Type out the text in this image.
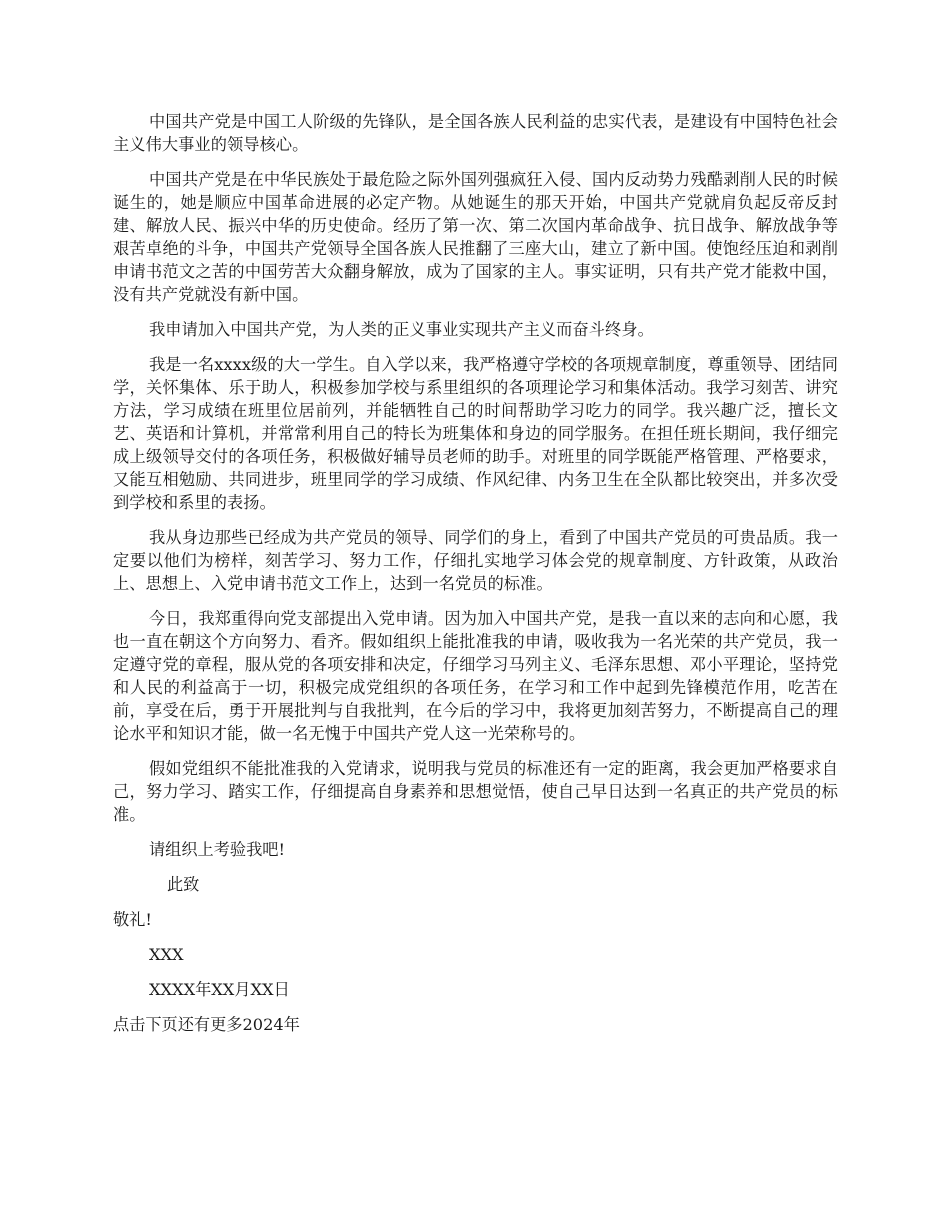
中国共产党是中国工人阶级的先锋队，是全国各族人民利益的忠实代表，是建设有中国特色社会主义伟大事业的领导核心。

中国共产党是在中华民族处于最危险之际外国列强疯狂入侵、国内反动势力残酷剥削人民的时候诞生的，她是顺应中国革命进展的必定产物。从她诞生的那天开始，中国共产党就肩负起反帝反封建、解放人民、振兴中华的历史使命。经历了第一次、第二次国内革命战争、抗日战争、解放战争等艰苦卓绝的斗争，中国共产党领导全国各族人民推翻了三座大山，建立了新中国。使饱经压迫和剥削申请书范文之苦的中国劳苦大众翻身解放，成为了国家的主人。事实证明，只有共产党才能救中国，没有共产党就没有新中国。

我申请加入中国共产党，为人类的正义事业实现共产主义而奋斗终身。

我是一名xxxx级的大一学生。自入学以来，我严格遵守学校的各项规章制度，尊重领导、团结同学，关怀集体、乐于助人，积极参加学校与系里组织的各项理论学习和集体活动。我学习刻苦、讲究方法，学习成绩在班里位居前列，并能牺牲自己的时间帮助学习吃力的同学。我兴趣广泛，擅长文艺、英语和计算机，并常常利用自己的特长为班集体和身边的同学服务。在担任班长期间，我仔细完成上级领导交付的各项任务，积极做好辅导员老师的助手。对班里的同学既能严格管理、严格要求，又能互相勉励、共同进步，班里同学的学习成绩、作风纪律、内务卫生在全队都比较突出，并多次受到学校和系里的表扬。

我从身边那些已经成为共产党员的领导、同学们的身上，看到了中国共产党员的可贵品质。我一定要以他们为榜样，刻苦学习、努力工作，仔细扎实地学习体会党的规章制度、方针政策，从政治上、思想上、入党申请书范文工作上，达到一名党员的标准。

今日，我郑重得向党支部提出入党申请。因为加入中国共产党，是我一直以来的志向和心愿，我也一直在朝这个方向努力、看齐。假如组织上能批准我的申请，吸收我为一名光荣的共产党员，我一定遵守党的章程，服从党的各项安排和决定，仔细学习马列主义、毛泽东思想、邓小平理论，坚持党和人民的利益高于一切，积极完成党组织的各项任务，在学习和工作中起到先锋模范作用，吃苦在前，享受在后，勇于开展批判与自我批判，在今后的学习中，我将更加刻苦努力，不断提高自己的理论水平和知识才能，做一名无愧于中国共产党人这一光荣称号的。

假如党组织不能批准我的入党请求，说明我与党员的标准还有一定的距离，我会更加严格要求自己，努力学习、踏实工作，仔细提高自身素养和思想觉悟，使自己早日达到一名真正的共产党员的标准。

请组织上考验我吧!

此致

敬礼!

XXX

XXXX年XX月XX日

点击下页还有更多2024年
